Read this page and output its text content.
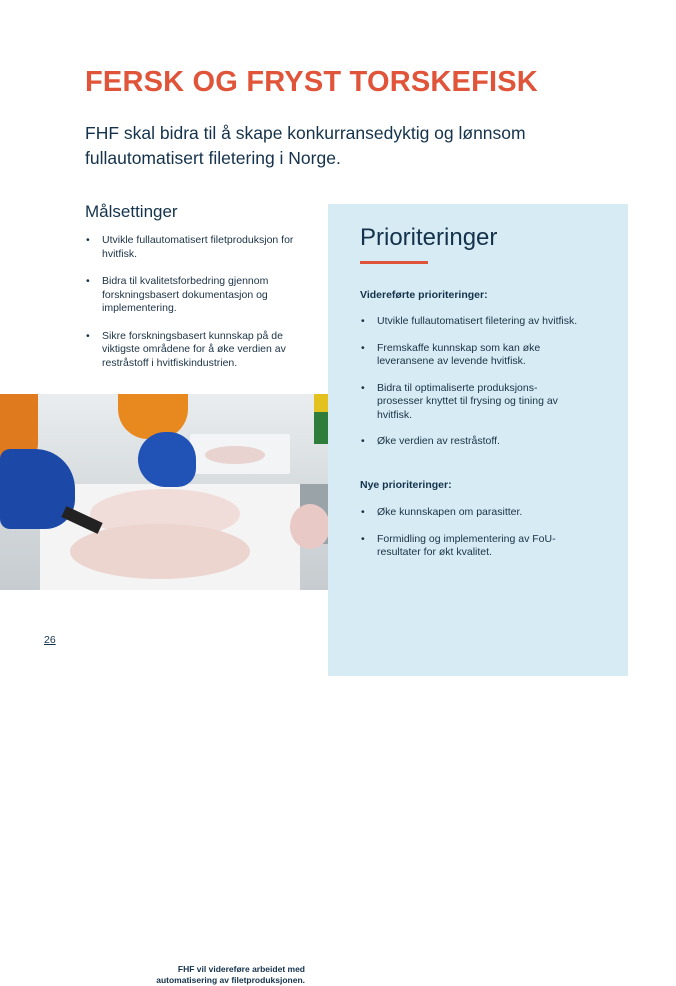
FERSK OG FRYST TORSKEFISK

FHF skal bidra til å skape konkurransedyktig og lønnsom fullautomatisert filetering i Norge.

Målsettinger
• Utvikle fullautomatisert filetproduksjon for hvitfisk.
• Bidra til kvalitetsforbedring gjennom forskningsbasert dokumentasjon og implementering.
• Sikre forskningsbasert kunnskap på de viktigste områdene for å øke verdien av restråstoff i hvitfiskindustrien.
FHF vil videreføre arbeidet med automatisering av filetproduksjonen.
26
Prioriteringer

Videreførte prioriteringer:

• Utvikle fullautomatisert filetering av hvitfisk.
• Fremskaffe kunnskap som kan øke leveransene av levende hvitfisk.
• Bidra til optimaliserte produksjons-prosesser knyttet til frysing og tining av hvitfisk.
• Øke verdien av restråstoff.

Nye prioriteringer:

• Øke kunnskapen om parasitter.
• Formidling og implementering av FoU-resultater for økt kvalitet.
